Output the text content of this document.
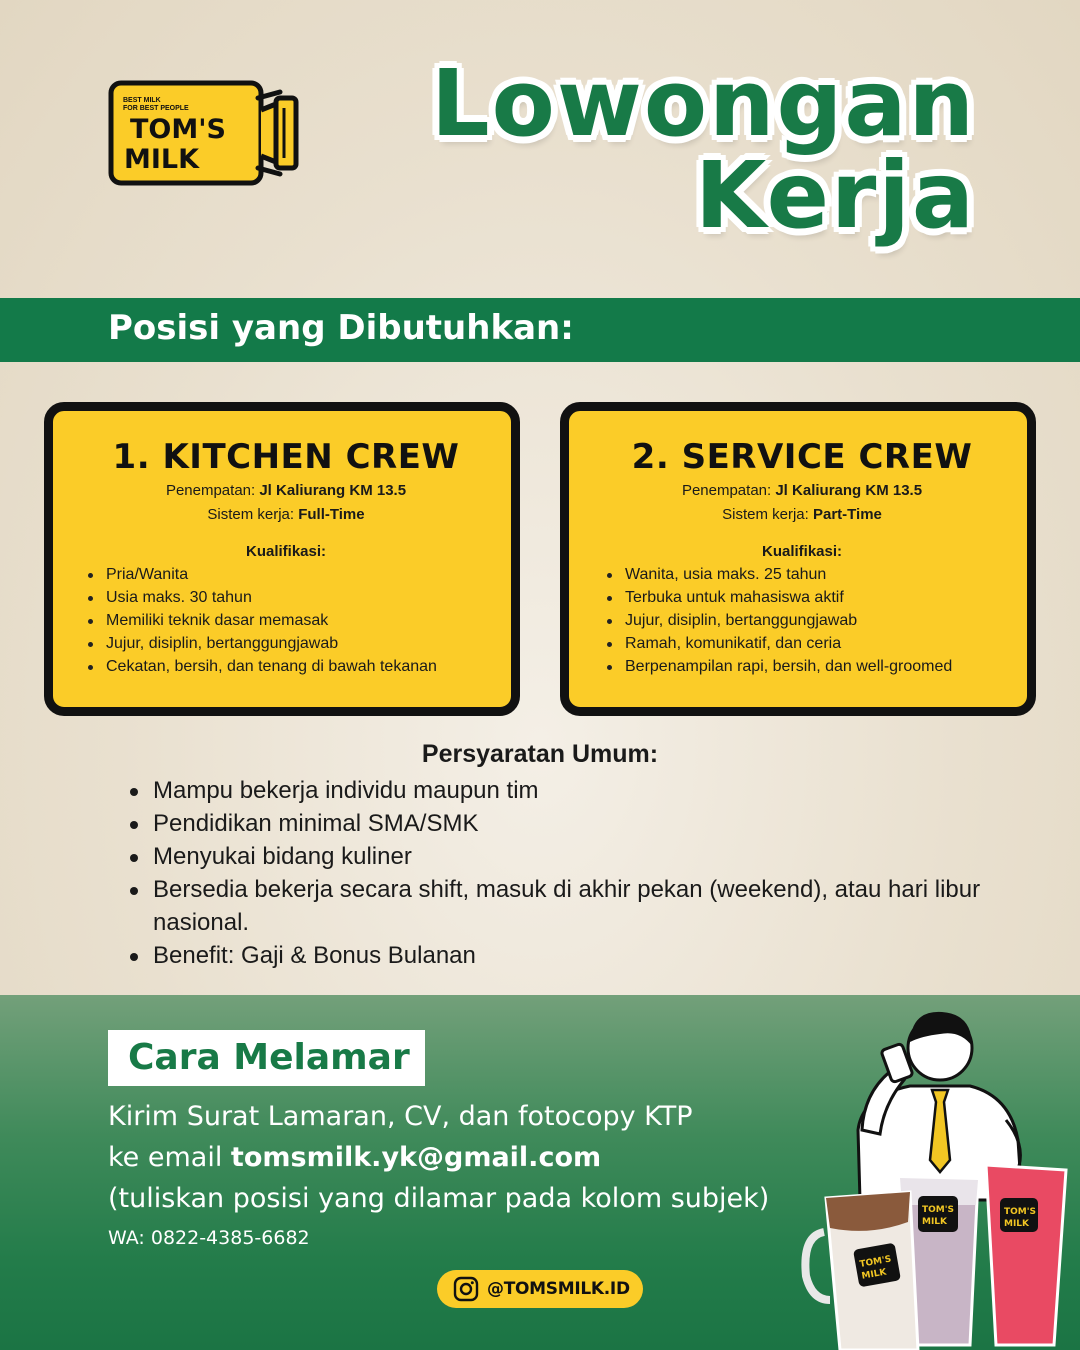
BEST MILK
FOR BEST PEOPLE
TOM'S
MILK
Lowongan
Kerja
Posisi yang Dibutuhkan:
1. KITCHEN CREW
Penempatan: Jl Kaliurang KM 13.5
Sistem kerja: Full-Time
Kualifikasi:
Pria/Wanita
Usia maks. 30 tahun
Memiliki teknik dasar memasak
Jujur, disiplin, bertanggungjawab
Cekatan, bersih, dan tenang di bawah tekanan
2. SERVICE CREW
Penempatan: Jl Kaliurang KM 13.5
Sistem kerja: Part-Time
Kualifikasi:
Wanita, usia maks. 25 tahun
Terbuka untuk mahasiswa aktif
Jujur, disiplin, bertanggungjawab
Ramah, komunikatif, dan ceria
Berpenampilan rapi, bersih, dan well-groomed
Persyaratan Umum:
Mampu bekerja individu maupun tim
Pendidikan minimal SMA/SMK
Menyukai bidang kuliner
Bersedia bekerja secara shift, masuk di akhir pekan (weekend), atau hari libur nasional.
Benefit: Gaji & Bonus Bulanan
Cara Melamar
Kirim Surat Lamaran, CV, dan fotocopy KTP
ke email tomsmilk.yk@gmail.com
(tuliskan posisi yang dilamar pada kolom subjek)
WA: 0822-4385-6682
@TOMSMILK.ID
TOM'S
MILK
TOM'S
MILK
TOM'S
MILK
